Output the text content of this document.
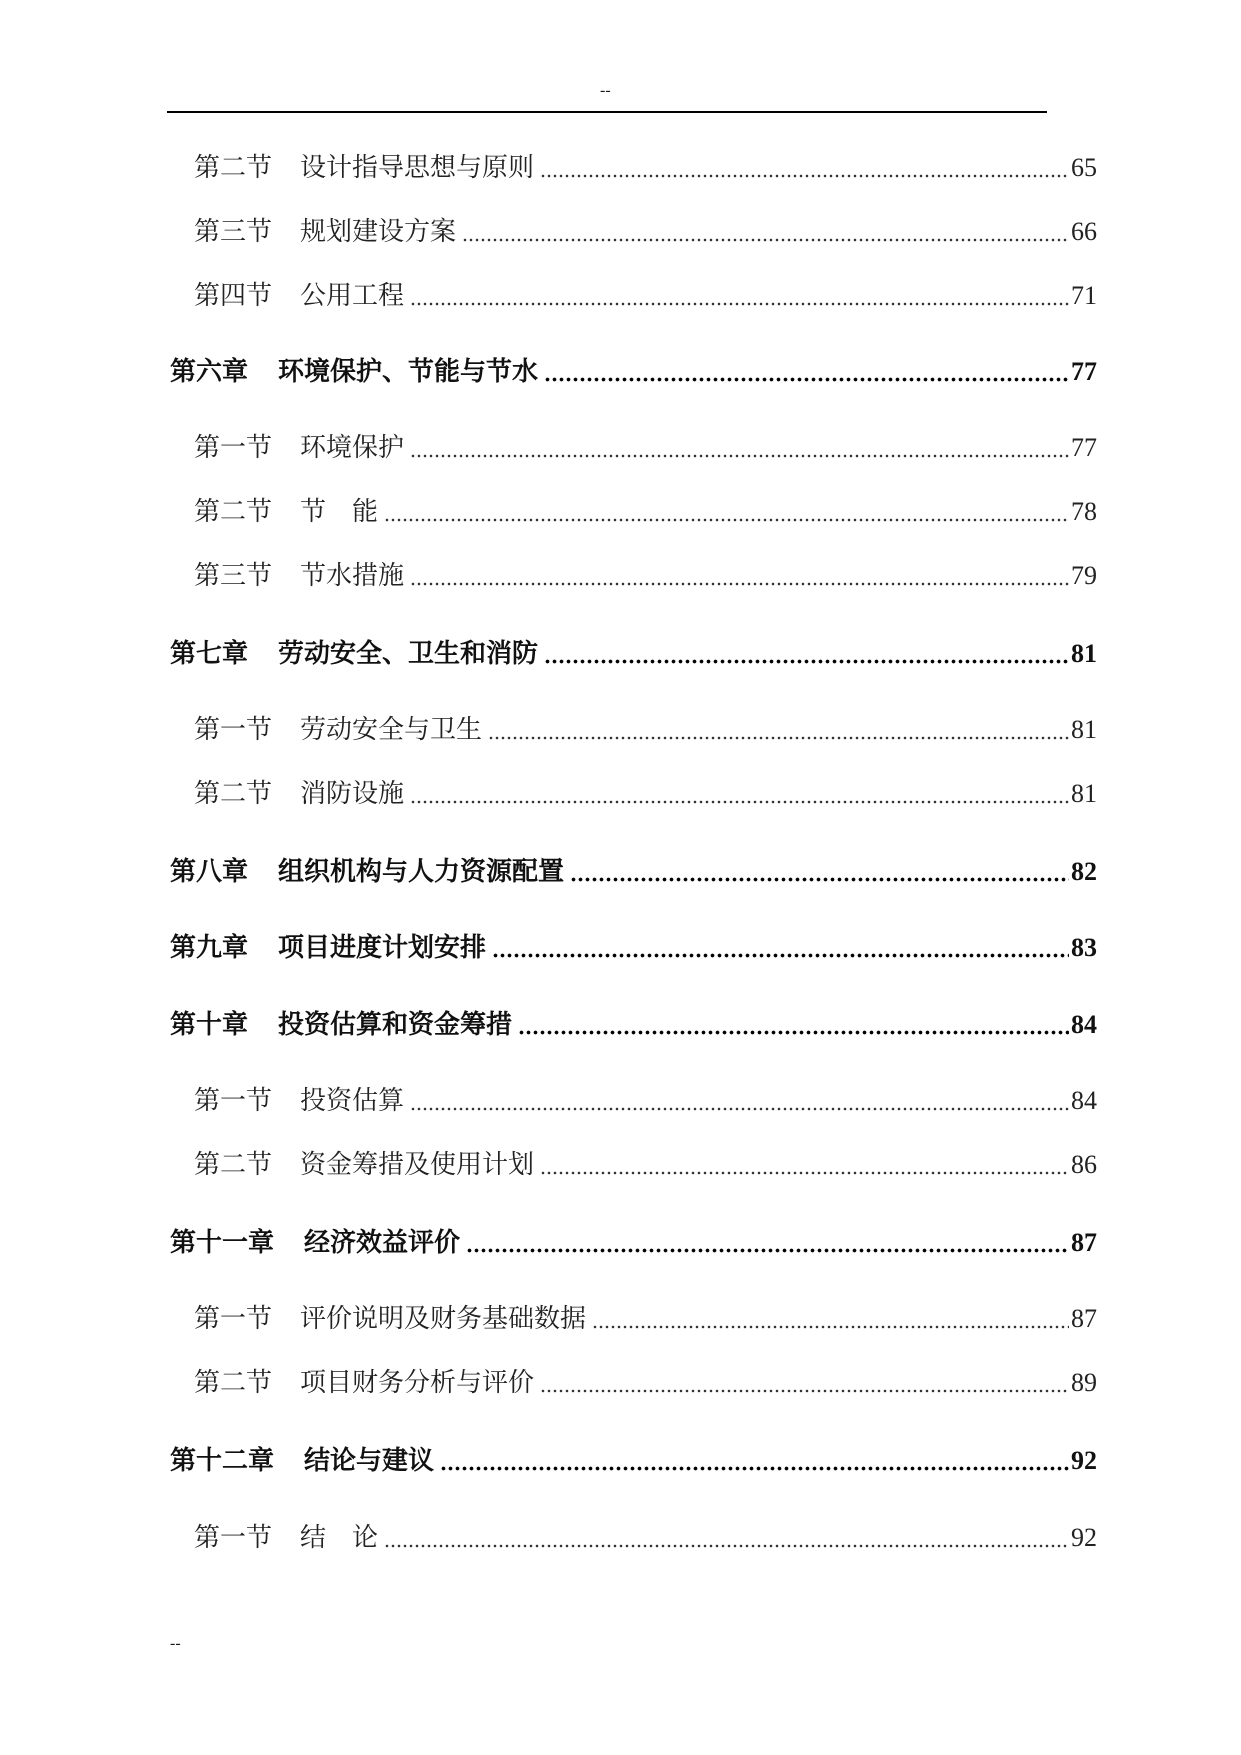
--
第二节 设计指导思想与原则	65
第三节 规划建设方案	66
第四节 公用工程	71
第六章 环境保护、节能与节水	77
第一节 环境保护	77
第二节 节　能	78
第三节 节水措施	79
第七章 劳动安全、卫生和消防	81
第一节 劳动安全与卫生	81
第二节 消防设施	81
第八章 组织机构与人力资源配置	82
第九章 项目进度计划安排	83
第十章 投资估算和资金筹措	84
第一节 投资估算	84
第二节 资金筹措及使用计划	86
第十一章 经济效益评价	87
第一节 评价说明及财务基础数据	87
第二节 项目财务分析与评价	89
第十二章 结论与建议	92
第一节 结　论	92
--
